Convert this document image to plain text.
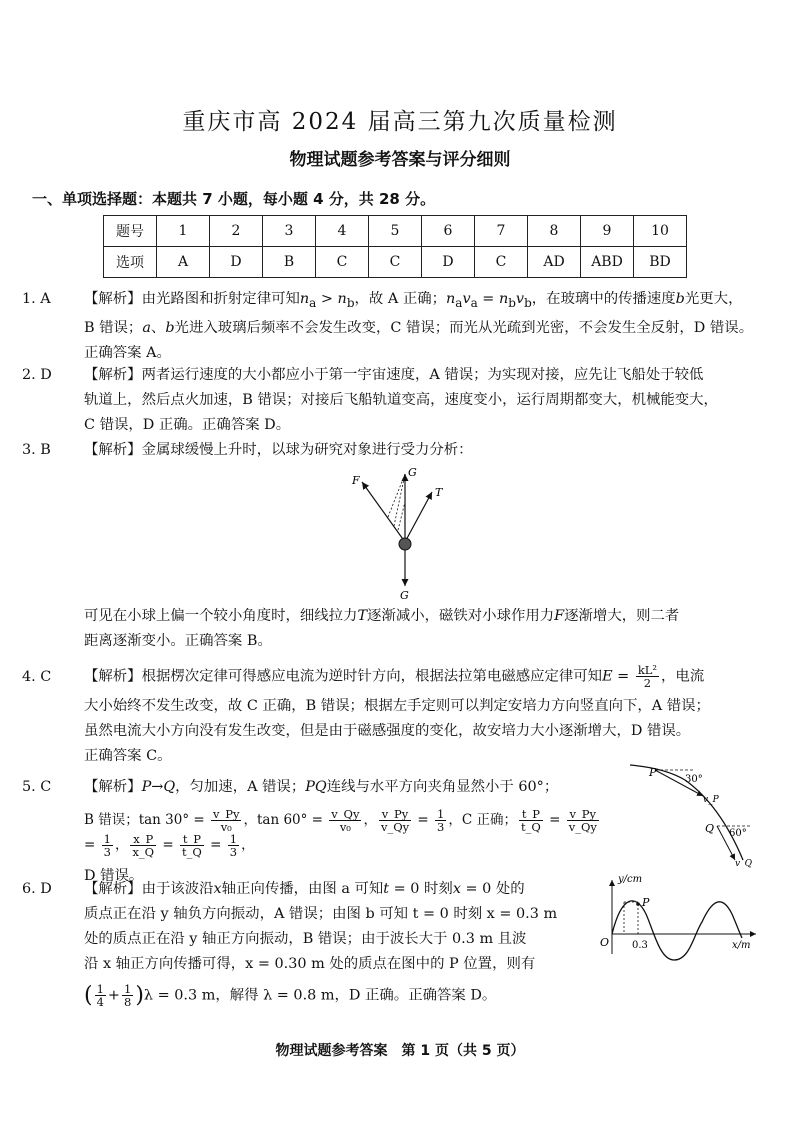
重庆市高 2024 届高三第九次质量检测
物理试题参考答案与评分细则
一、单项选择题：本题共 7 小题，每小题 4 分，共 28 分。
题号	1	2	3	4	5	6	7	8	9	10
选项	A	D	B	C	C	D	C	AD	ABD	BD
1. A 【解析】由光路图和折射定律可知$n_a > n_b$，故 A 正确；$n_av_a = n_bv_b$，在玻璃中的传播速度b光更大，
B 错误；a、b光进入玻璃后频率不会发生改变，C 错误；而光从光疏到光密，不会发生全反射，D 错误。
正确答案 A。
2. D 【解析】两者运行速度的大小都应小于第一宇宙速度，A 错误；为实现对接，应先让飞船处于较低
轨道上，然后点火加速，B 错误；对接后飞船轨道变高，速度变小，运行周期都变大，机械能变大，
C 错误，D 正确。正确答案 D。
3. B 【解析】金属球缓慢上升时，以球为研究对象进行受力分析：
F
G
T
G
可见在小球上偏一个较小角度时，细线拉力T逐渐减小，磁铁对小球作用力F逐渐增大，则二者
距离逐渐变小。正确答案 B。
4. C 【解析】根据楞次定律可得感应电流为逆时针方向，根据法拉第电磁感应定律可知$E = \frac{\text{kL²}}{2}$ ，电流
大小始终不发生改变，故 C 正确，B 错误；根据左手定则可以判定安培力方向竖直向下，A 错误；
虽然电流大小方向没有发生改变，但是由于磁感强度的变化，故安培力大小逐渐增大，D 错误。
正确答案 C。
5. C 【解析】P→Q，匀加速，A 错误；PQ连线与水平方向夹角显然小于 60°；
B 错误；$\tan 30^\circ = \frac{v\_Py}{\text{v₀}}$ ，$\tan 60^\circ = \frac{v\_Qy}{\text{v₀}}$ ， $\frac{v\_Py}{v\_Qy} = \frac{1}{3}$ ，C 正确； $\frac{t\_P}{t\_Q} = \frac{v\_Py}{v\_Qy}$
= $\frac{1}{3}$ ， $\frac{x\_P}{x\_Q} = \frac{t\_P}{t\_Q} = \frac{1}{3}$ ，
D 错误。
P
30°
v_P
Q 60°
v_Q
6. D 【解析】由于该波沿x轴正向传播，由图 a 可知t = 0 时刻x = 0 处的
质点正在沿 y 轴负方向振动，A 错误；由图 b 可知 t = 0 时刻 x = 0.3 m
处的质点正在沿 y 轴正方向振动，B 错误；由于波长大于 0.3 m 且波
沿 x 轴正方向传播可得，x = 0.30 m 处的质点在图中的 P 位置，则有
( $\frac{1}{4} + \frac{1}{8} )\lambda = 0.3$ m，解得 λ = 0.8 m，D 正确。正确答案 D。
y/cm
P
O 0.3	x/m
物理试题参考答案　第 1 页（共 5 页）
